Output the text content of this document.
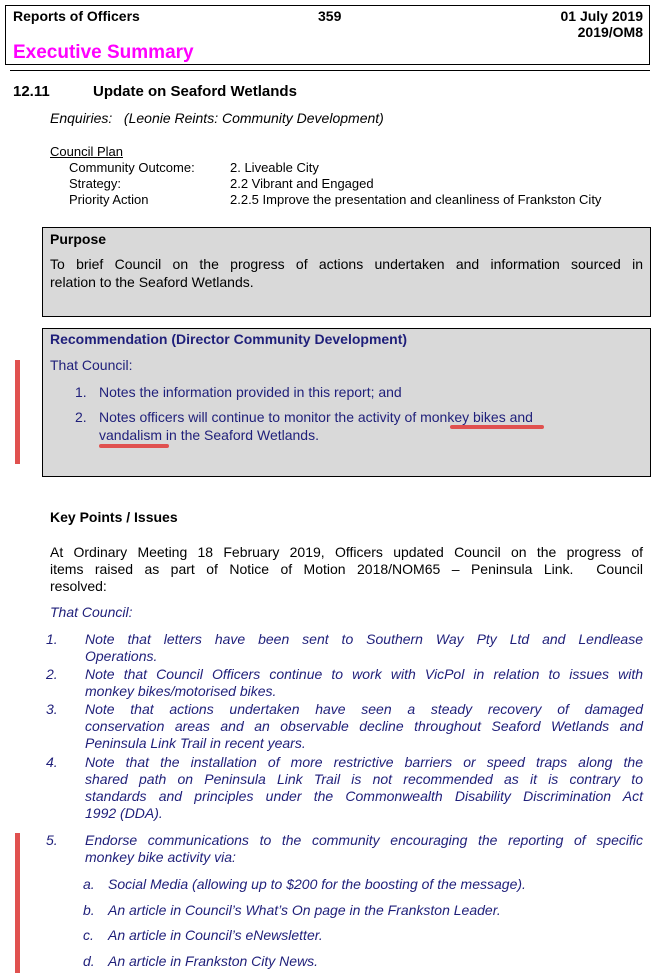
Reports of Officers	359	01 July 2019
2019/OM8
Executive Summary
12.11	Update on Seaford Wetlands
Enquiries:   (Leonie Reints: Community Development)
Council Plan
Community Outcome:	2. Liveable City
Strategy:	2.2 Vibrant and Engaged
Priority Action	2.2.5 Improve the presentation and cleanliness of Frankston City
Purpose
To brief Council on the progress of actions undertaken and information sourced in
relation to the Seaford Wetlands.
Recommendation (Director Community Development)
That Council:
1. Notes the information provided in this report; and
2. Notes officers will continue to monitor the activity of monkey bikes and
vandalism in the Seaford Wetlands.
Key Points / Issues
At Ordinary Meeting 18 February 2019, Officers updated Council on the progress of
items raised as part of Notice of Motion 2018/NOM65 – Peninsula Link.  Council
resolved:
That Council:
1. Note that letters have been sent to Southern Way Pty Ltd and Lendlease
Operations.
2. Note that Council Officers continue to work with VicPol in relation to issues with
monkey bikes/motorised bikes.
3. Note that actions undertaken have seen a steady recovery of damaged
conservation areas and an observable decline throughout Seaford Wetlands and
Peninsula Link Trail in recent years.
4. Note that the installation of more restrictive barriers or speed traps along the
shared path on Peninsula Link Trail is not recommended as it is contrary to
standards and principles under the Commonwealth Disability Discrimination Act
1992 (DDA).
5. Endorse communications to the community encouraging the reporting of specific
monkey bike activity via:
a. Social Media (allowing up to $200 for the boosting of the message).
b. An article in Council’s What’s On page in the Frankston Leader.
c. An article in Council’s eNewsletter.
d. An article in Frankston City News.
